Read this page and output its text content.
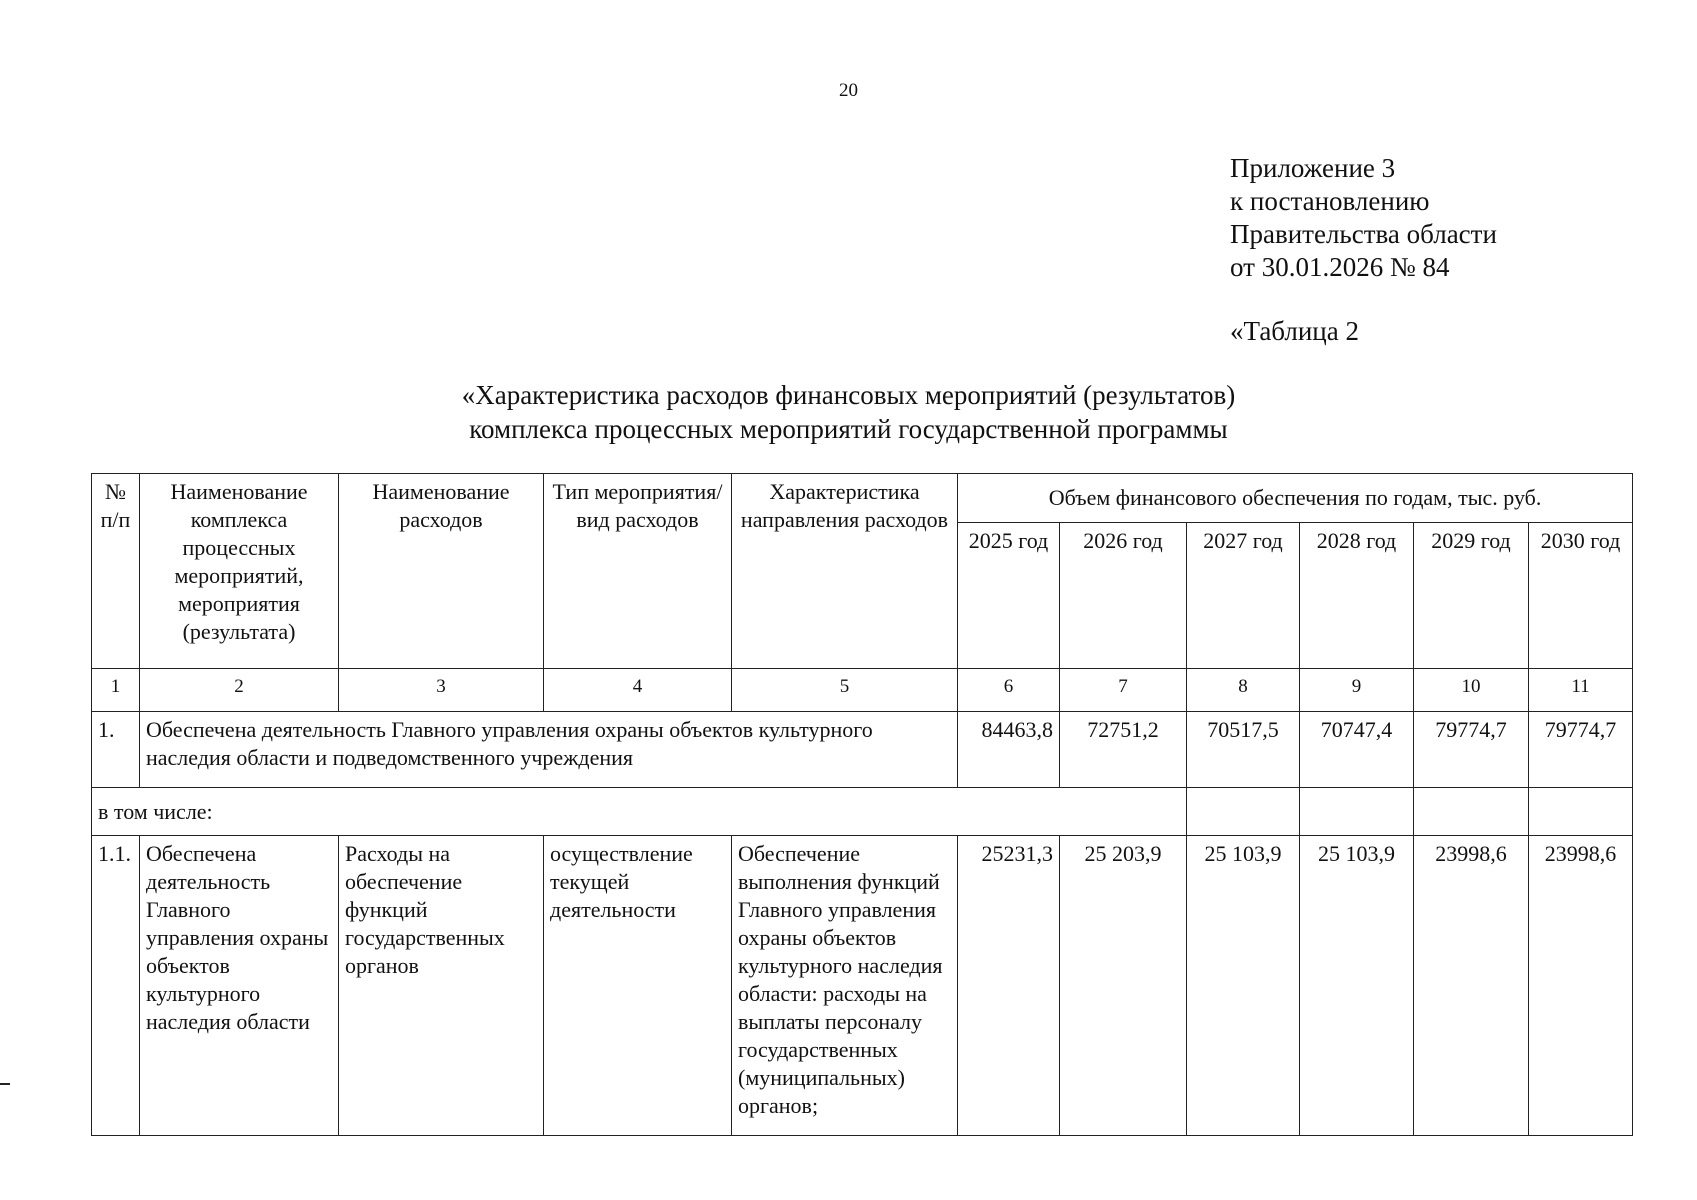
20
Приложение 3
к постановлению
Правительства области
от 30.01.2026 № 84
«Таблица 2
«Характеристика расходов финансовых мероприятий (результатов)
комплекса процессных мероприятий государственной программы
№ п/п	Наименование комплекса процессных мероприятий, мероприятия (результата)	Наименование расходов	Тип мероприятия/ вид расходов	Характеристика направления расходов	Объем финансового обеспечения по годам, тыс. руб.					
					2025 год	2026 год	2027 год	2028 год	2029 год	2030 год
1	2	3	4	5	6	7	8	9	10	11
1.	Обеспечена деятельность Главного управления охраны объектов культурного наследия области и подведомственного учреждения				84463,8	72751,2	70517,5	70747,4	79774,7	79774,7
в том числе:										
1.1.	Обеспечена деятельность Главного управления охраны объектов культурного наследия области	Расходы на обеспечение функций государственных органов	осуществление текущей деятельности	Обеспечение выполнения функций Главного управления охраны объектов культурного наследия области: расходы на выплаты персоналу государственных (муниципальных) органов;	25231,3	25 203,9	25 103,9	25 103,9	23998,6	23998,6
